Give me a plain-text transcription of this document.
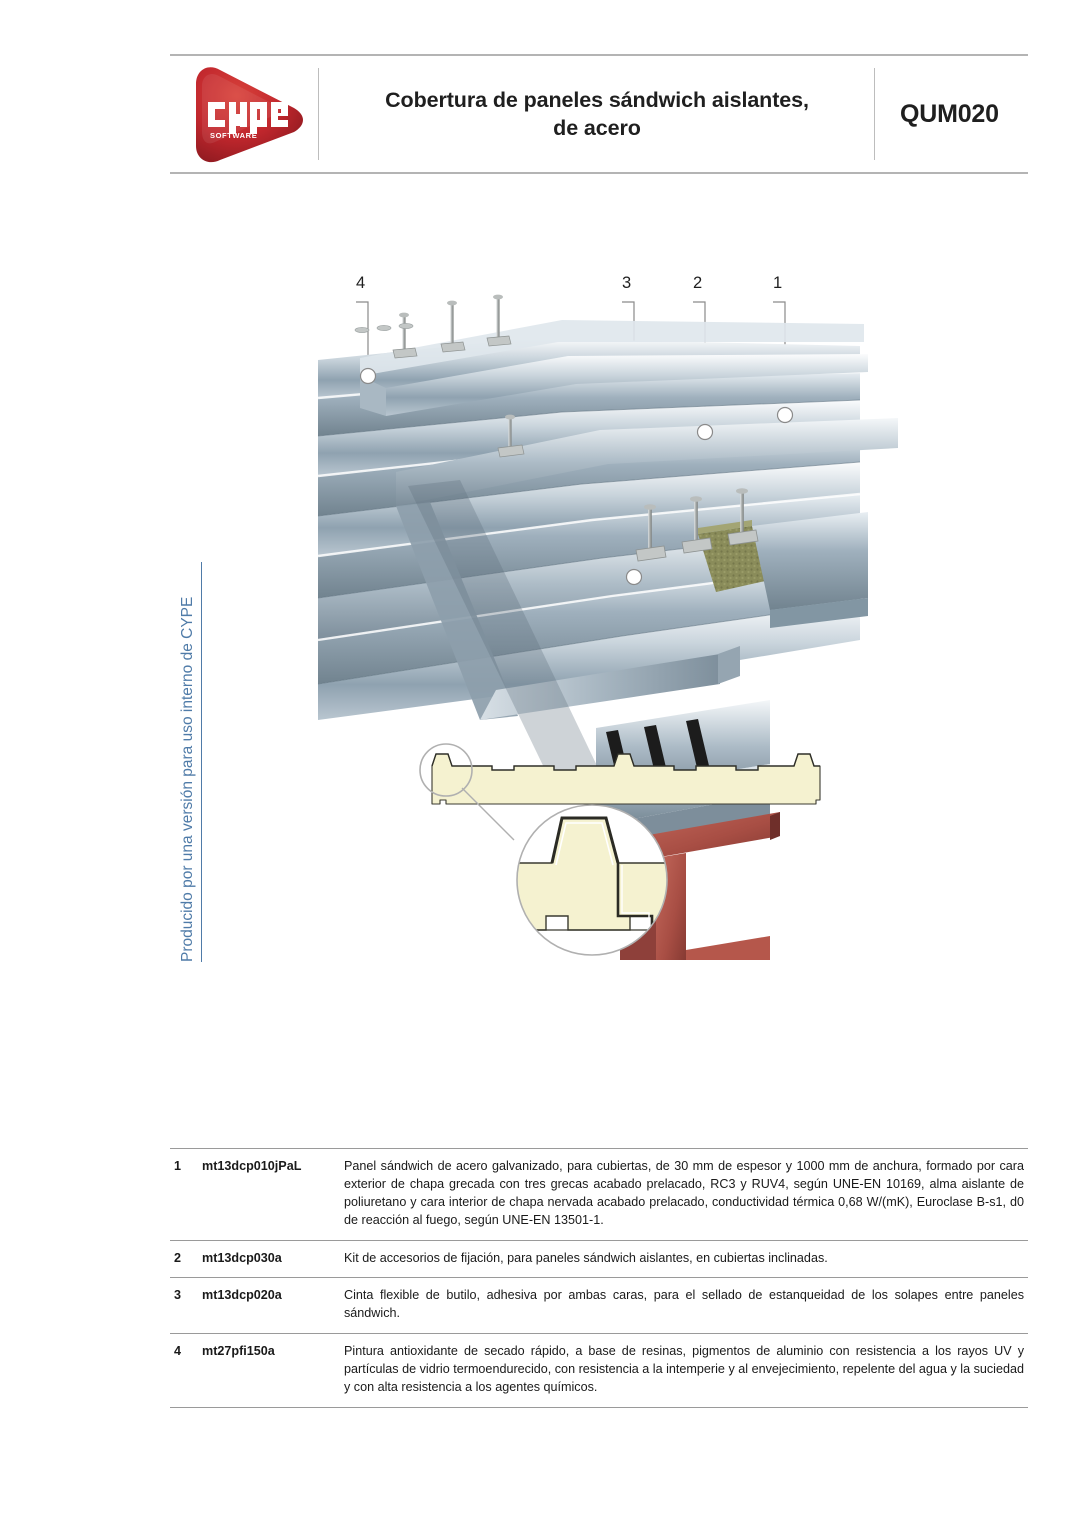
SOFTWARE
Cobertura de paneles sándwich aislantes,
de acero
QUM020
Producido por una versión para uso interno de CYPE
4	3	2	1
1	mt13dcp010jPaL	Panel sándwich de acero galvanizado, para cubiertas, de 30 mm de espesor y 1000 mm de anchura, formado por cara exterior de chapa grecada con tres grecas acabado prelacado, RC3 y RUV4, según UNE-EN 10169, alma aislante de poliuretano y cara interior de chapa nervada acabado prelacado, conductividad térmica 0,68 W/(mK), Euroclase B-s1, d0 de reacción al fuego, según UNE-EN 13501-1.
2	mt13dcp030a	Kit de accesorios de fijación, para paneles sándwich aislantes, en cubiertas inclinadas.
3	mt13dcp020a	Cinta flexible de butilo, adhesiva por ambas caras, para el sellado de estanqueidad de los solapes entre paneles sándwich.
4	mt27pfi150a	Pintura antioxidante de secado rápido, a base de resinas, pigmentos de aluminio con resistencia a los rayos UV y partículas de vidrio termoendurecido, con resistencia a la intemperie y al envejecimiento, repelente del agua y la suciedad y con alta resistencia a los agentes químicos.
